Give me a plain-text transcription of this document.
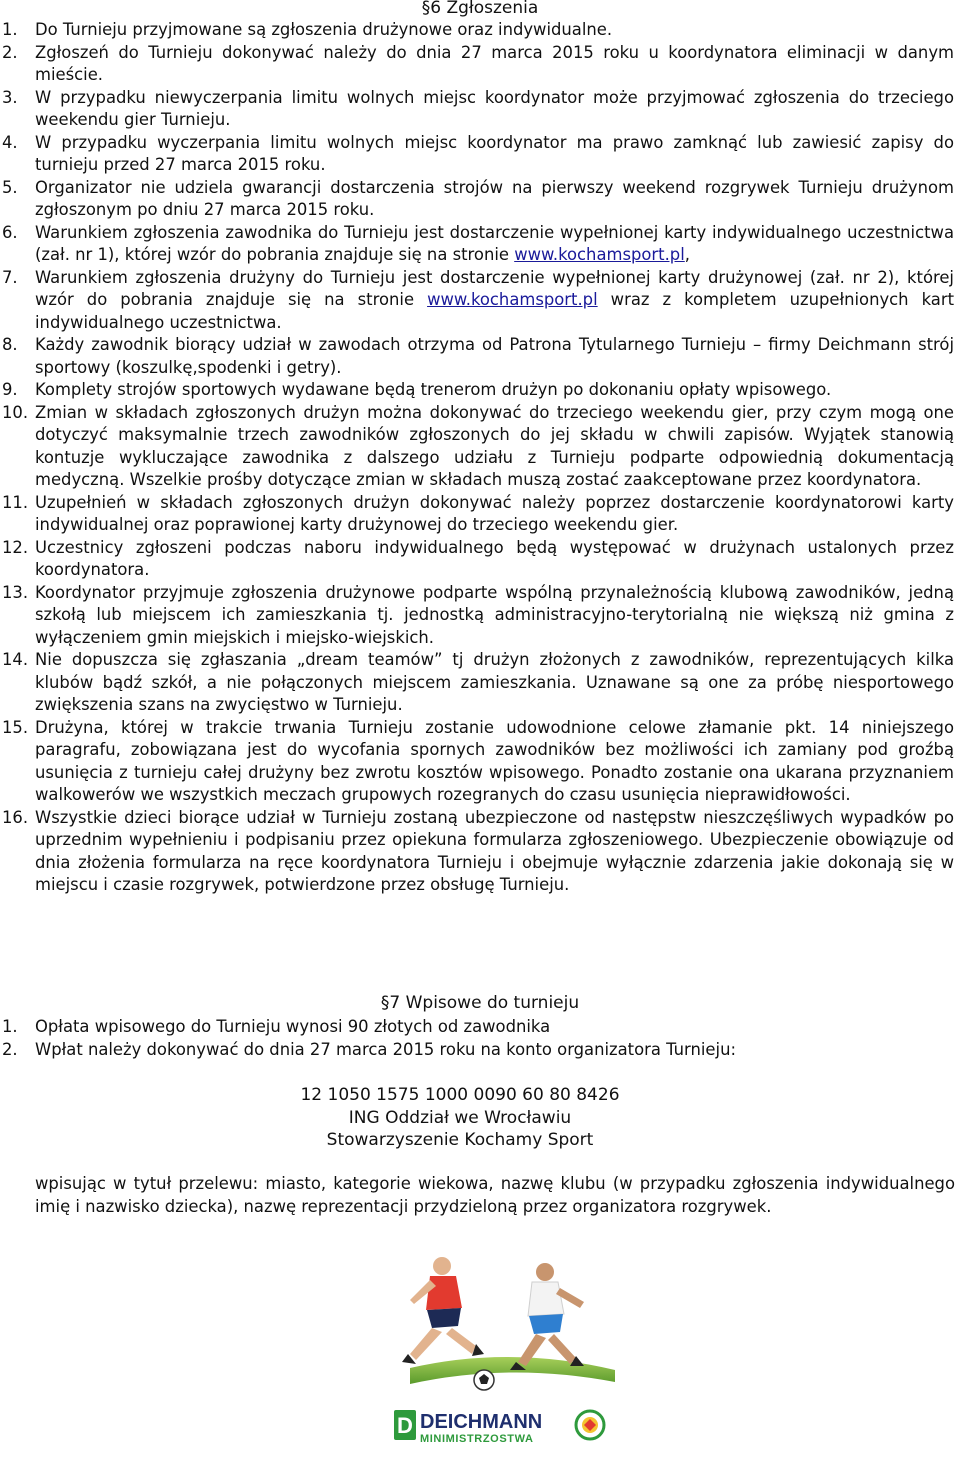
§6 Zgłoszenia
1. Do Turnieju przyjmowane są zgłoszenia drużynowe oraz indywidualne.
2. Zgłoszeń do Turnieju dokonywać należy do dnia 27 marca 2015 roku u koordynatora eliminacji w danym mieście.
3. W przypadku niewyczerpania limitu wolnych miejsc koordynator może przyjmować zgłoszenia do trzeciego weekendu gier Turnieju.
4. W przypadku wyczerpania limitu wolnych miejsc koordynator ma prawo zamknąć lub zawiesić zapisy do turnieju przed 27 marca 2015 roku.
5. Organizator nie udziela gwarancji dostarczenia strojów na pierwszy weekend rozgrywek Turnieju drużynom zgłoszonym po dniu 27 marca 2015 roku.
6. Warunkiem zgłoszenia zawodnika do Turnieju jest dostarczenie wypełnionej karty indywidualnego uczestnictwa (zał. nr 1), której wzór do pobrania znajduje się na stronie www.kochamsport.pl,
7. Warunkiem zgłoszenia drużyny do Turnieju jest dostarczenie wypełnionej karty drużynowej (zał. nr 2), której wzór do pobrania znajduje się na stronie www.kochamsport.pl wraz z kompletem uzupełnionych kart indywidualnego uczestnictwa.
8. Każdy zawodnik biorący udział w zawodach otrzyma od Patrona Tytularnego Turnieju – firmy Deichmann strój sportowy (koszulkę,spodenki i getry).
9. Komplety strojów sportowych wydawane będą trenerom drużyn po dokonaniu opłaty wpisowego.
10. Zmian w składach zgłoszonych drużyn można dokonywać do trzeciego weekendu gier, przy czym mogą one dotyczyć maksymalnie trzech zawodników zgłoszonych do jej składu w chwili zapisów. Wyjątek stanowią kontuzje wykluczające zawodnika z dalszego udziału z Turnieju podparte odpowiednią dokumentacją medyczną. Wszelkie prośby dotyczące zmian w składach muszą zostać zaakceptowane przez koordynatora.
11. Uzupełnień w składach zgłoszonych drużyn dokonywać należy poprzez dostarczenie koordynatorowi karty indywidualnej oraz poprawionej karty drużynowej do trzeciego weekendu gier.
12. Uczestnicy zgłoszeni podczas naboru indywidualnego będą występować w drużynach ustalonych przez koordynatora.
13. Koordynator przyjmuje zgłoszenia drużynowe podparte wspólną przynależnością klubową zawodników, jedną szkołą lub miejscem ich zamieszkania tj. jednostką administracyjno-terytorialną nie większą niż gmina z wyłączeniem gmin miejskich i miejsko-wiejskich.
14. Nie dopuszcza się zgłaszania „dream teamów” tj drużyn złożonych z zawodników, reprezentujących kilka klubów bądź szkół, a nie połączonych miejscem zamieszkania. Uznawane są one za próbę niesportowego zwiększenia szans na zwycięstwo w Turnieju.
15. Drużyna, której w trakcie trwania Turnieju zostanie udowodnione celowe złamanie pkt. 14 niniejszego paragrafu, zobowiązana jest do wycofania spornych zawodników bez możliwości ich zamiany pod groźbą usunięcia z turnieju całej drużyny bez zwrotu kosztów wpisowego. Ponadto zostanie ona ukarana przyznaniem walkowerów we wszystkich meczach grupowych rozegranych do czasu usunięcia nieprawidłowości.
16. Wszystkie dzieci biorące udział w Turnieju zostaną ubezpieczone od następstw nieszczęśliwych wypadków po uprzednim wypełnieniu i podpisaniu przez opiekuna formularza zgłoszeniowego. Ubezpieczenie obowiązuje od dnia złożenia formularza na ręce koordynatora Turnieju i obejmuje wyłącznie zdarzenia jakie dokonają się w miejscu i czasie rozgrywek, potwierdzone przez obsługę Turnieju.
§7 Wpisowe do turnieju
1. Opłata wpisowego do Turnieju wynosi 90 złotych od zawodnika
2. Wpłat należy dokonywać do dnia 27 marca 2015 roku na konto organizatora Turnieju:
12 1050 1575 1000 0090 60 80 8426
ING Oddział we Wrocławiu
Stowarzyszenie Kochamy Sport
wpisując w tytuł przelewu: miasto, kategorie wiekowa, nazwę klubu (w przypadku zgłoszenia indywidualnego imię i nazwisko dziecka), nazwę reprezentacji przydzieloną przez organizatora rozgrywek.
D DEICHMANN
MINIMISTRZOSTWA
